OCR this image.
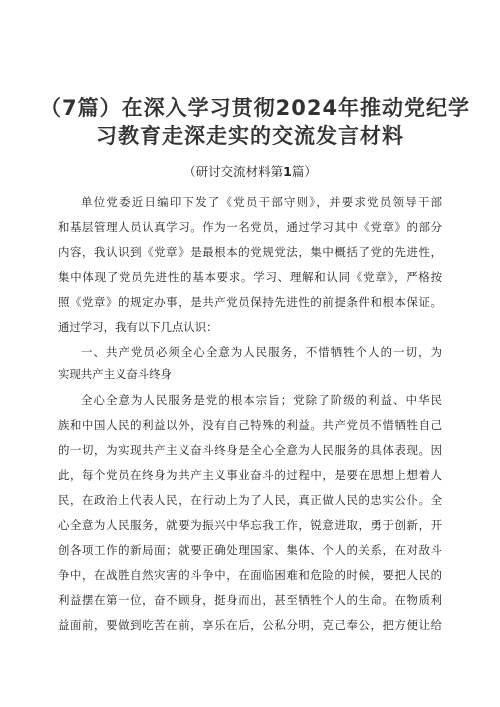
（7篇）在深入学习贯彻2024年推动党纪学
习教育走深走实的交流发言材料

（研讨交流材料第1篇）

单位党委近日编印下发了《党员干部守则》，并要求党员领导干部

和基层管理人员认真学习。作为一名党员，通过学习其中《党章》的部分

内容，我认识到《党章》是最根本的党规党法，集中概括了党的先进性，

集中体现了党员先进性的基本要求。学习、理解和认同《党章》，严格按

照《党章》的规定办事，是共产党员保持先进性的前提条件和根本保证。

通过学习，我有以下几点认识：

一、共产党员必须全心全意为人民服务，不惜牺牲个人的一切，为

实现共产主义奋斗终身

全心全意为人民服务是党的根本宗旨；党除了阶级的利益、中华民

族和中国人民的利益以外，没有自己特殊的利益。共产党员不惜牺牲自己

的一切，为实现共产主义奋斗终身是全心全意为人民服务的具体表现。因

此，每个党员在终身为共产主义事业奋斗的过程中，是要在思想上想着人

民，在政治上代表人民，在行动上为了人民，真正做人民的忠实公仆。全

心全意为人民服务，就要为振兴中华忘我工作，锐意进取，勇于创新，开

创各项工作的新局面；就要正确处理国家、集体、个人的关系，在对敌斗

争中，在战胜自然灾害的斗争中，在面临困难和危险的时候，要把人民的

利益摆在第一位，奋不顾身，挺身而出，甚至牺牲个人的生命。在物质利

益面前，要做到吃苦在前，享乐在后，公私分明，克己奉公，把方便让给
